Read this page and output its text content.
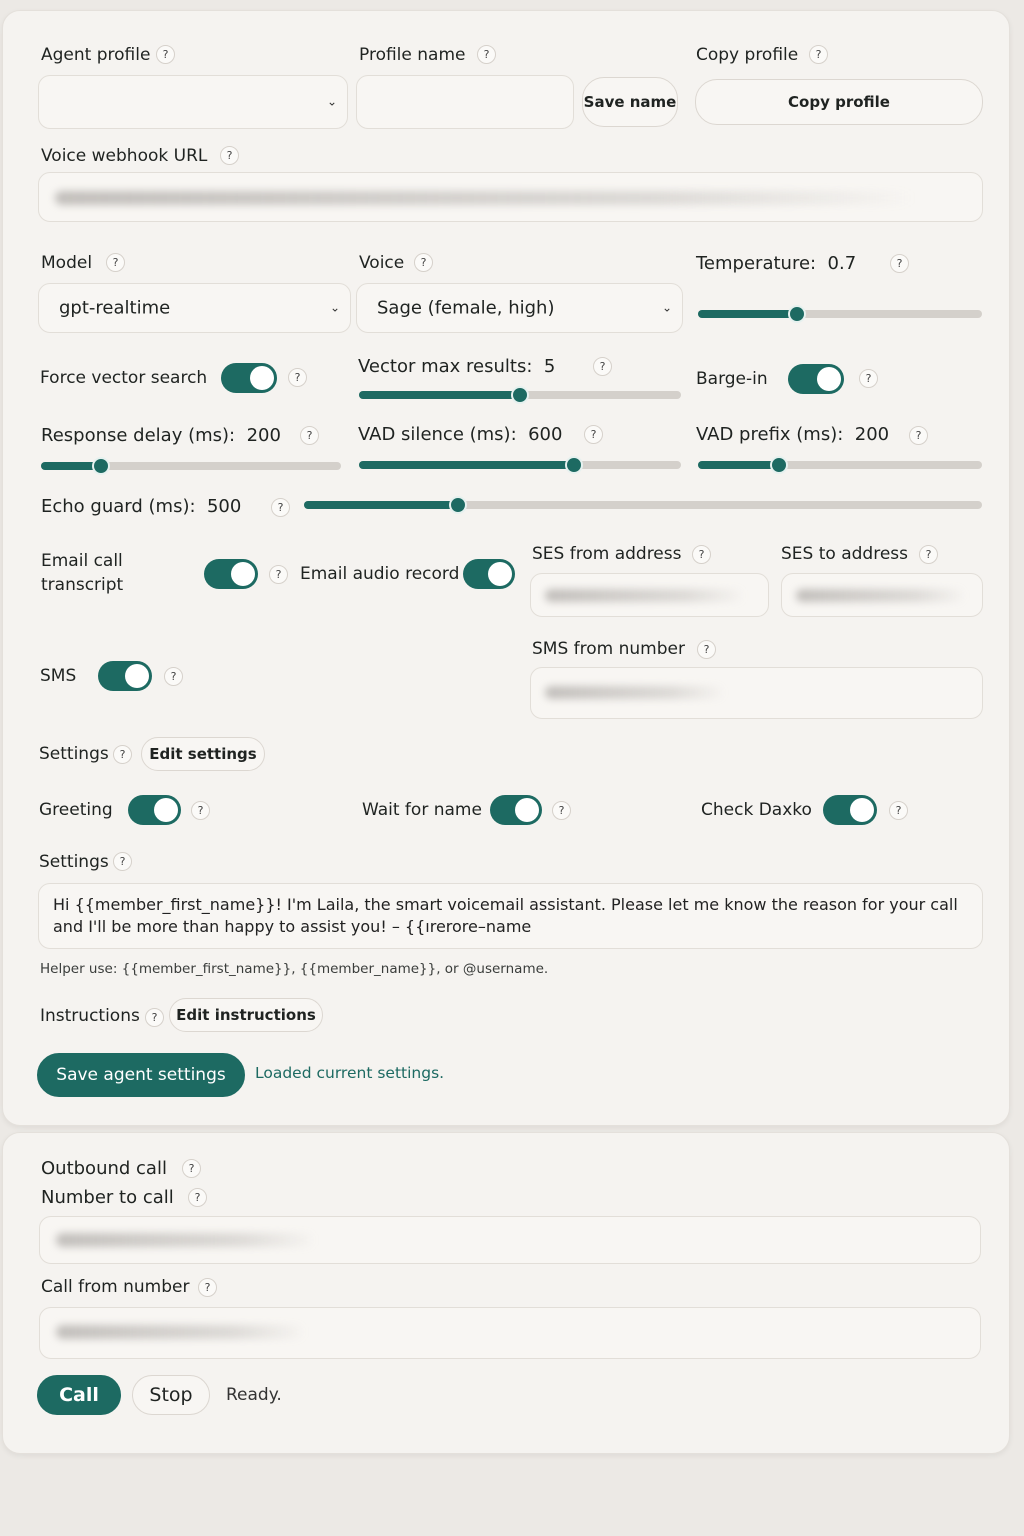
Agent profile	?
⌄
Profile name	?
Save name
Copy profile	?
Copy profile
Voice webhook URL	?
Model	?
gpt-realtime	⌄
Voice	?
Sage (female, high)	⌄
Temperature: 0.7	?
Force vector search	?
Vector max results: 5	?
Barge-in	?
Response delay (ms): 200	?	VAD silence (ms): 600	?	VAD prefix (ms): 200	?
Echo guard (ms): 500	?
Email call transcript
?	Email audio record
SES from address	?	SES to address	?
SMS	?
SMS from number	?
Settings ?	Edit settings
Greeting	?	Wait for name	?	Check Daxko	?
Settings ?
Hi {{member_first_name}}! I'm Laila, the smart voicemail assistant. Please let me know the reason for your call and I'll be more than happy to assist you! – {{ırerore–name
Helper use: {{member_first_name}}, {{member_name}}, or @username.
Instructions	?	Edit instructions
Save agent settings	Loaded current settings.
Outbound call	?
Number to call	?
Call from number	?
Call	Stop	Ready.
